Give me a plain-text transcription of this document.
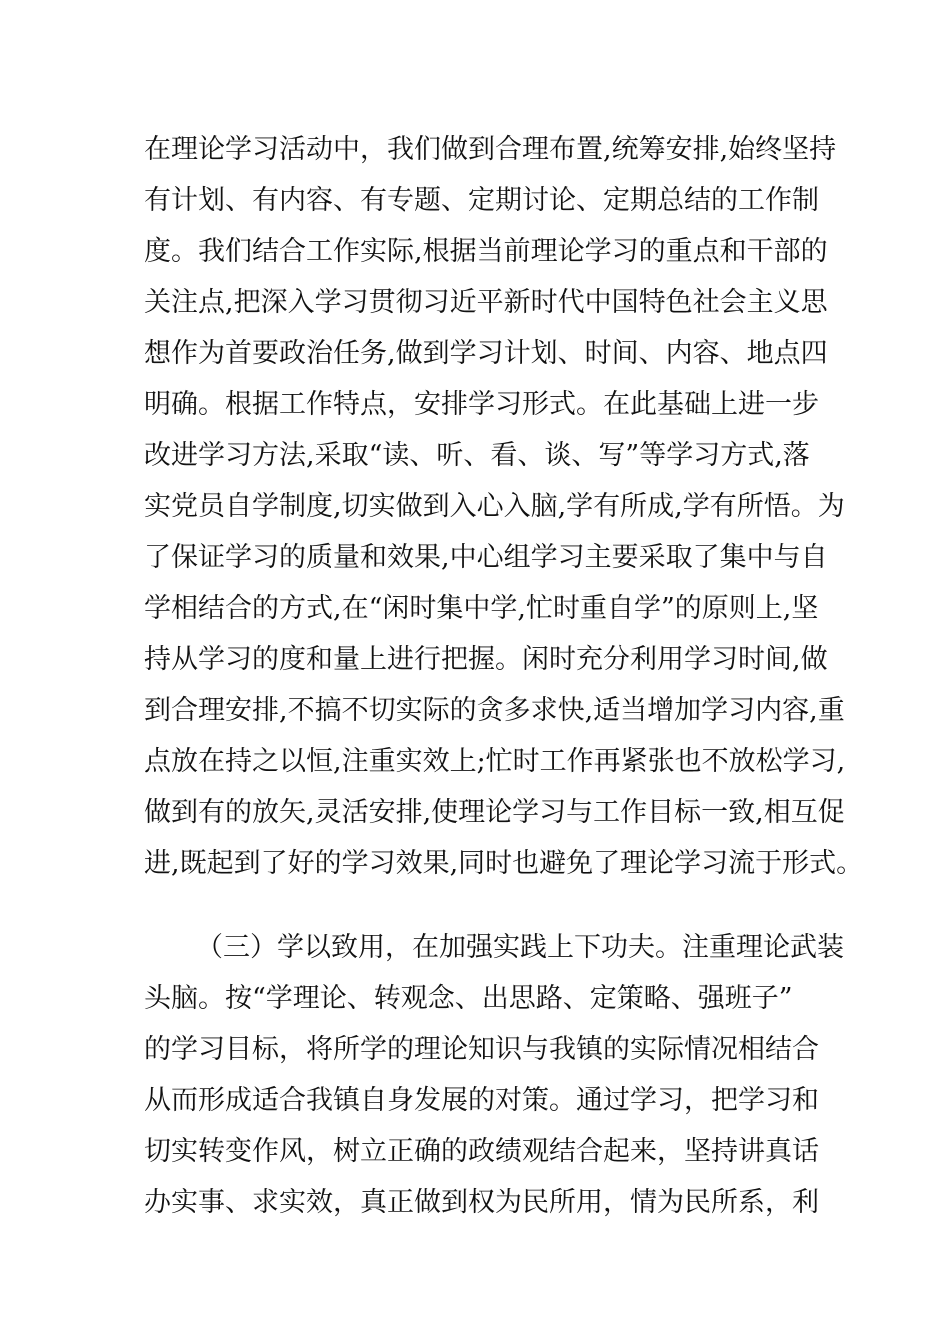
在理论学习活动中，我们做到合理布置,统筹安排,始终坚持
有计划、有内容、有专题、定期讨论、定期总结的工作制
度。我们结合工作实际,根据当前理论学习的重点和干部的
关注点,把深入学习贯彻习近平新时代中国特色社会主义思
想作为首要政治任务,做到学习计划、时间、内容、地点四
明确。根据工作特点，安排学习形式。在此基础上进一步
改进学习方法,采取“读、听、看、谈、写”等学习方式,落
实党员自学制度,切实做到入心入脑,学有所成,学有所悟。为
了保证学习的质量和效果,中心组学习主要采取了集中与自
学相结合的方式,在“闲时集中学,忙时重自学”的原则上,坚
持从学习的度和量上进行把握。闲时充分利用学习时间,做
到合理安排,不搞不切实际的贪多求快,适当增加学习内容,重
点放在持之以恒,注重实效上;忙时工作再紧张也不放松学习,
做到有的放矢,灵活安排,使理论学习与工作目标一致,相互促
进,既起到了好的学习效果,同时也避免了理论学习流于形式。
（三）学以致用，在加强实践上下功夫。注重理论武装
头脑。按“学理论、转观念、出思路、定策略、强班子”
的学习目标，将所学的理论知识与我镇的实际情况相结合
从而形成适合我镇自身发展的对策。通过学习，把学习和
切实转变作风，树立正确的政绩观结合起来，坚持讲真话
办实事、求实效，真正做到权为民所用，情为民所系，利
